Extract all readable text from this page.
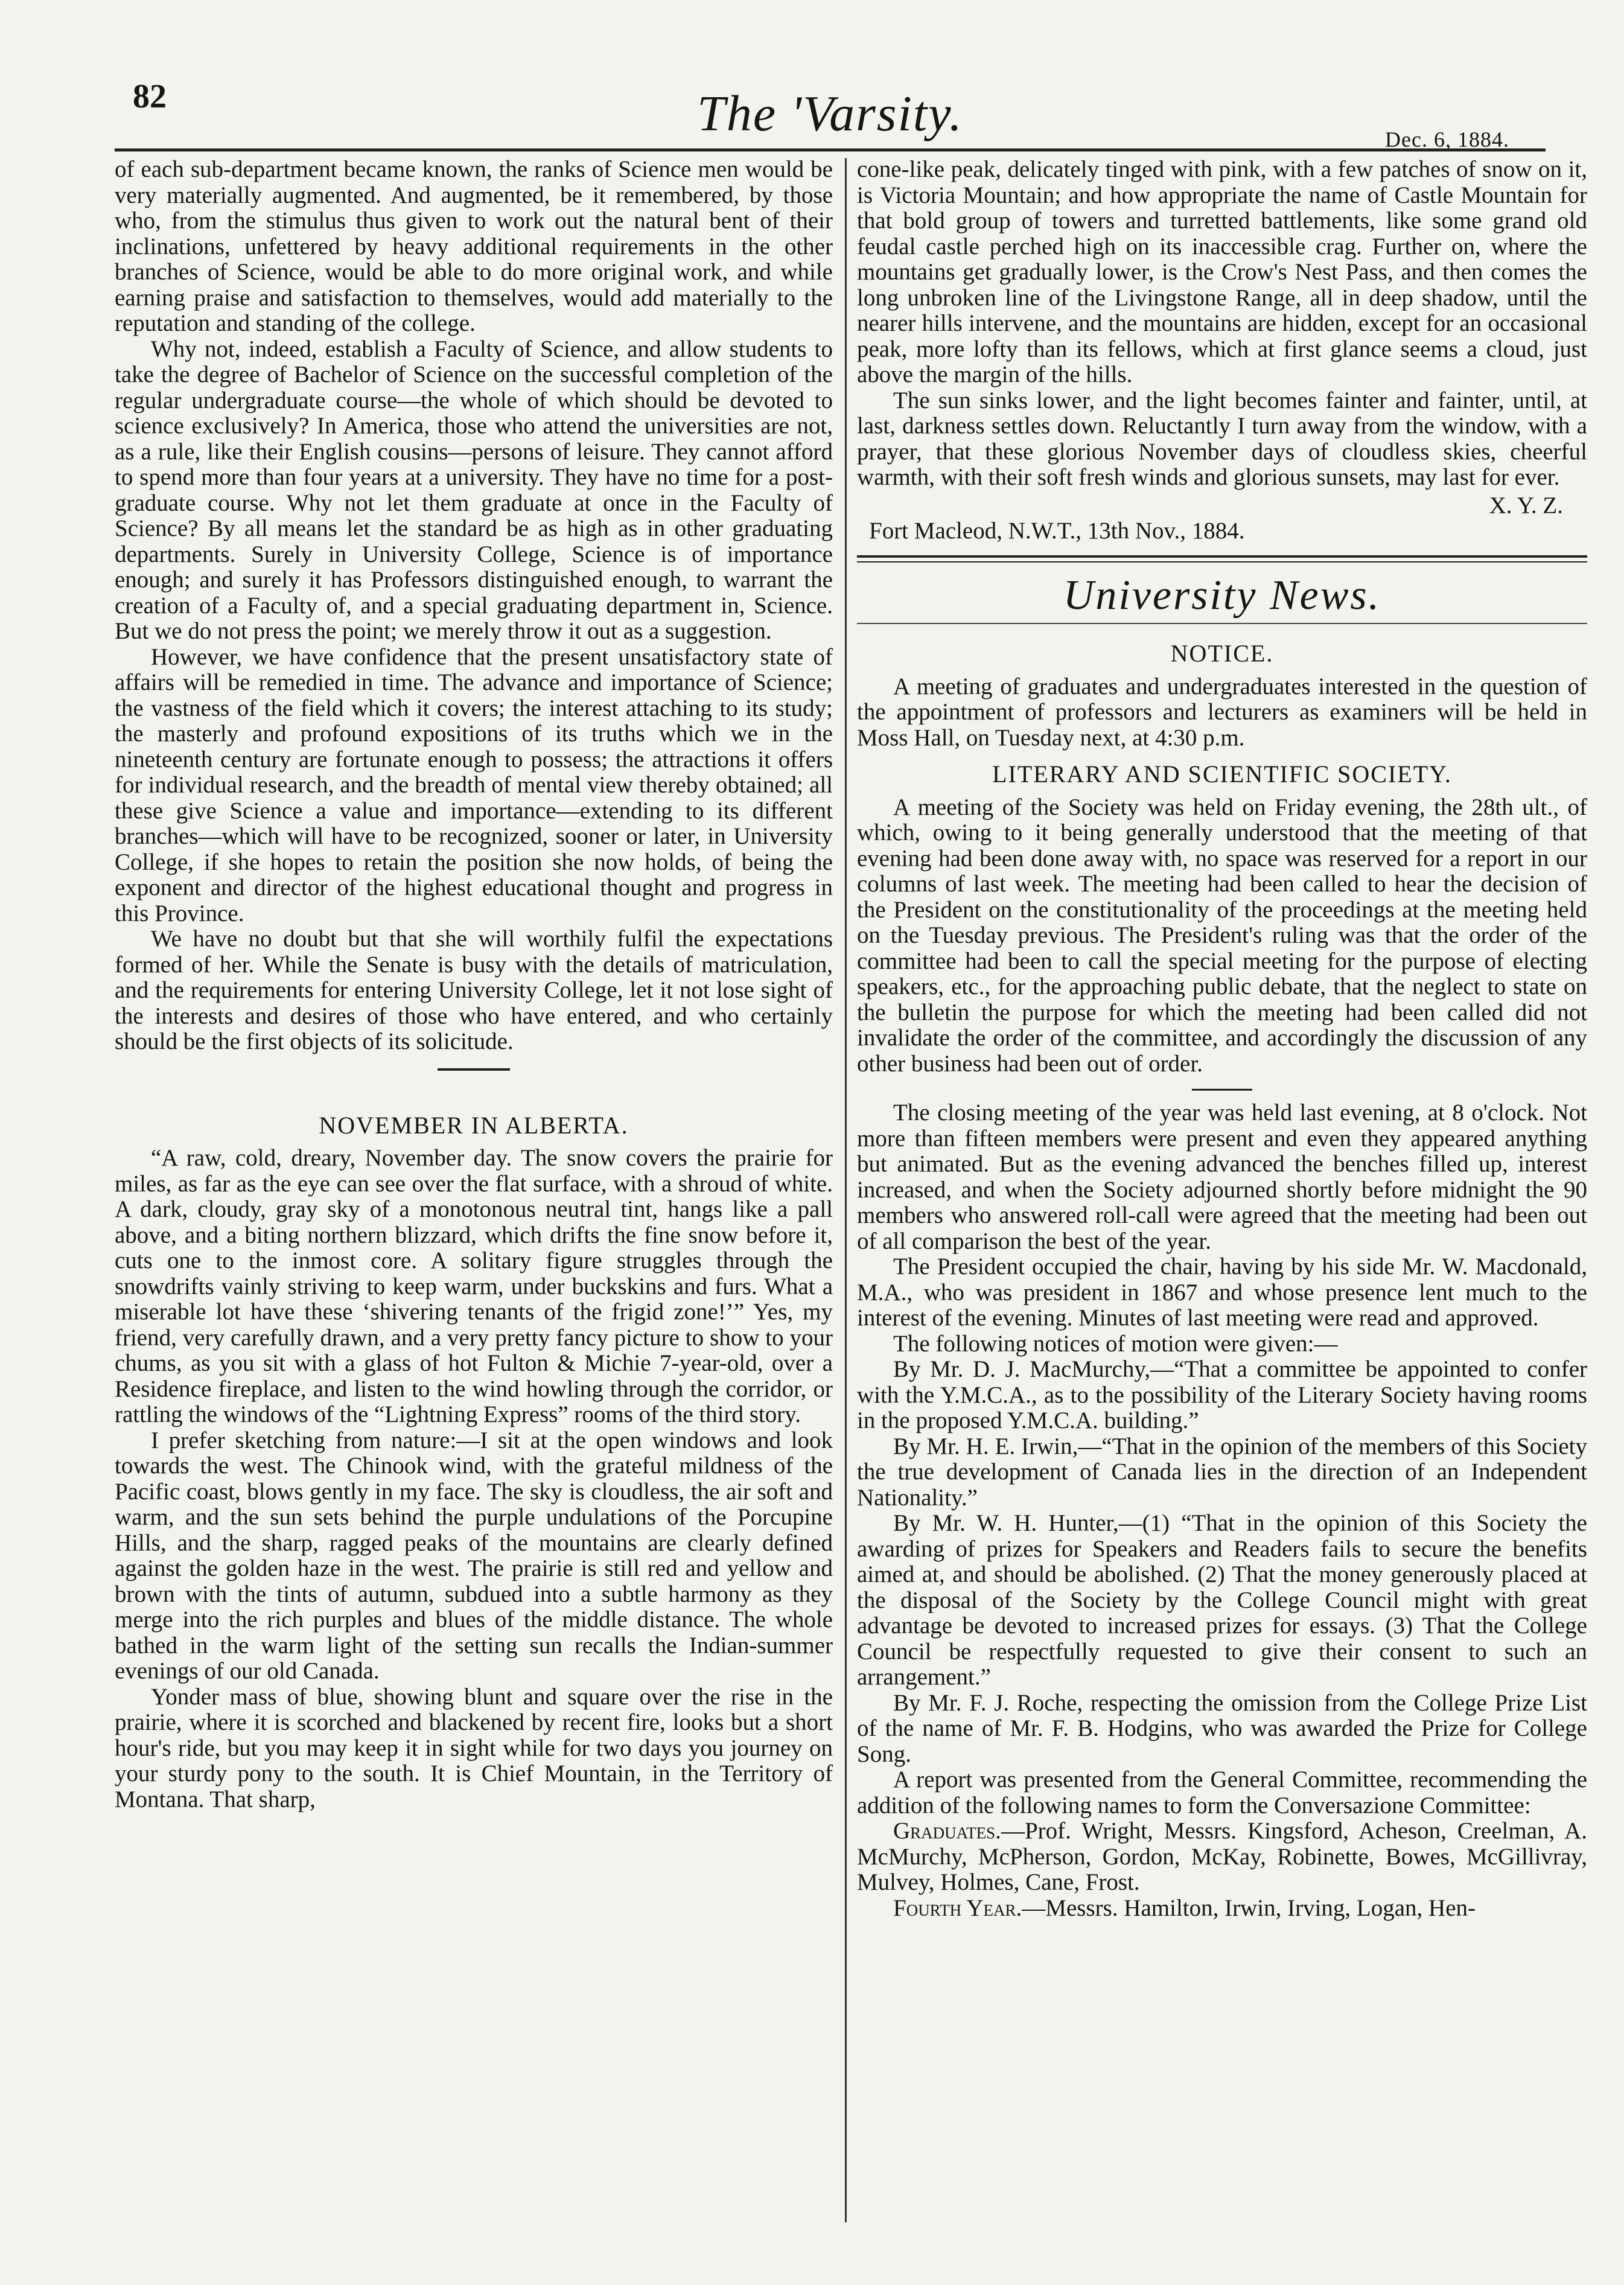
82	The 'Varsity.	Dec. 6, 1884.

of each sub-department became known, the ranks of Science men would be very materially augmented. And augmented, be it remembered, by those who, from the stimulus thus given to work out the natural bent of their inclinations, unfettered by heavy additional requirements in the other branches of Science, would be able to do more original work, and while earning praise and satisfaction to themselves, would add materially to the reputation and standing of the college.

Why not, indeed, establish a Faculty of Science, and allow students to take the degree of Bachelor of Science on the successful completion of the regular undergraduate course—the whole of which should be devoted to science exclusively? In America, those who attend the universities are not, as a rule, like their English cousins—persons of leisure. They cannot afford to spend more than four years at a university. They have no time for a post-graduate course. Why not let them graduate at once in the Faculty of Science? By all means let the standard be as high as in other graduating departments. Surely in University College, Science is of importance enough; and surely it has Professors distinguished enough, to warrant the creation of a Faculty of, and a special graduating department in, Science. But we do not press the point; we merely throw it out as a suggestion.

However, we have confidence that the present unsatisfactory state of affairs will be remedied in time. The advance and importance of Science; the vastness of the field which it covers; the interest attaching to its study; the masterly and profound expositions of its truths which we in the nineteenth century are fortunate enough to possess; the attractions it offers for individual research, and the breadth of mental view thereby obtained; all these give Science a value and importance—extending to its different branches—which will have to be recognized, sooner or later, in University College, if she hopes to retain the position she now holds, of being the exponent and director of the highest educational thought and progress in this Province.

We have no doubt but that she will worthily fulfil the expectations formed of her. While the Senate is busy with the details of matriculation, and the requirements for entering University College, let it not lose sight of the interests and desires of those who have entered, and who certainly should be the first objects of its solicitude.

NOVEMBER IN ALBERTA.

“A raw, cold, dreary, November day. The snow covers the prairie for miles, as far as the eye can see over the flat surface, with a shroud of white. A dark, cloudy, gray sky of a monotonous neutral tint, hangs like a pall above, and a biting northern blizzard, which drifts the fine snow before it, cuts one to the inmost core. A solitary figure struggles through the snowdrifts vainly striving to keep warm, under buckskins and furs. What a miserable lot have these ‘shivering tenants of the frigid zone!’” Yes, my friend, very carefully drawn, and a very pretty fancy picture to show to your chums, as you sit with a glass of hot Fulton & Michie 7-year-old, over a Residence fireplace, and listen to the wind howling through the corridor, or rattling the windows of the “Lightning Express” rooms of the third story.

I prefer sketching from nature:—I sit at the open windows and look towards the west. The Chinook wind, with the grateful mildness of the Pacific coast, blows gently in my face. The sky is cloudless, the air soft and warm, and the sun sets behind the purple undulations of the Porcupine Hills, and the sharp, ragged peaks of the mountains are clearly defined against the golden haze in the west. The prairie is still red and yellow and brown with the tints of autumn, subdued into a subtle harmony as they merge into the rich purples and blues of the middle distance. The whole bathed in the warm light of the setting sun recalls the Indian-summer evenings of our old Canada.

Yonder mass of blue, showing blunt and square over the rise in the prairie, where it is scorched and blackened by recent fire, looks but a short hour's ride, but you may keep it in sight while for two days you journey on your sturdy pony to the south. It is Chief Mountain, in the Territory of Montana. That sharp,

cone-like peak, delicately tinged with pink, with a few patches of snow on it, is Victoria Mountain; and how appropriate the name of Castle Mountain for that bold group of towers and turretted battlements, like some grand old feudal castle perched high on its inaccessible crag. Further on, where the mountains get gradually lower, is the Crow's Nest Pass, and then comes the long unbroken line of the Livingstone Range, all in deep shadow, until the nearer hills intervene, and the mountains are hidden, except for an occasional peak, more lofty than its fellows, which at first glance seems a cloud, just above the margin of the hills.

The sun sinks lower, and the light becomes fainter and fainter, until, at last, darkness settles down. Reluctantly I turn away from the window, with a prayer, that these glorious November days of cloudless skies, cheerful warmth, with their soft fresh winds and glorious sunsets, may last for ever.

X. Y. Z.

Fort Macleod, N.W.T., 13th Nov., 1884.

University News.
NOTICE.

A meeting of graduates and undergraduates interested in the question of the appointment of professors and lecturers as examiners will be held in Moss Hall, on Tuesday next, at 4:30 p.m.

LITERARY AND SCIENTIFIC SOCIETY.

A meeting of the Society was held on Friday evening, the 28th ult., of which, owing to it being generally understood that the meeting of that evening had been done away with, no space was reserved for a report in our columns of last week. The meeting had been called to hear the decision of the President on the constitutionality of the proceedings at the meeting held on the Tuesday previous. The President's ruling was that the order of the committee had been to call the special meeting for the purpose of electing speakers, etc., for the approaching public debate, that the neglect to state on the bulletin the purpose for which the meeting had been called did not invalidate the order of the committee, and accordingly the discussion of any other business had been out of order.

The closing meeting of the year was held last evening, at 8 o'clock. Not more than fifteen members were present and even they appeared anything but animated. But as the evening advanced the benches filled up, interest increased, and when the Society adjourned shortly before midnight the 90 members who answered roll-call were agreed that the meeting had been out of all comparison the best of the year.

The President occupied the chair, having by his side Mr. W. Macdonald, M.A., who was president in 1867 and whose presence lent much to the interest of the evening. Minutes of last meeting were read and approved.

The following notices of motion were given:—

By Mr. D. J. MacMurchy,—“That a committee be appointed to confer with the Y.M.C.A., as to the possibility of the Literary Society having rooms in the proposed Y.M.C.A. building.”

By Mr. H. E. Irwin,—“That in the opinion of the members of this Society the true development of Canada lies in the direction of an Independent Nationality.”

By Mr. W. H. Hunter,—(1) “That in the opinion of this Society the awarding of prizes for Speakers and Readers fails to secure the benefits aimed at, and should be abolished. (2) That the money generously placed at the disposal of the Society by the College Council might with great advantage be devoted to increased prizes for essays. (3) That the College Council be respectfully requested to give their consent to such an arrangement.”

By Mr. F. J. Roche, respecting the omission from the College Prize List of the name of Mr. F. B. Hodgins, who was awarded the Prize for College Song.

A report was presented from the General Committee, recommending the addition of the following names to form the Conversazione Committee:

Graduates.—Prof. Wright, Messrs. Kingsford, Acheson, Creelman, A. McMurchy, McPherson, Gordon, McKay, Robinette, Bowes, McGillivray, Mulvey, Holmes, Cane, Frost.

Fourth Year.—Messrs. Hamilton, Irwin, Irving, Logan, Hen-
